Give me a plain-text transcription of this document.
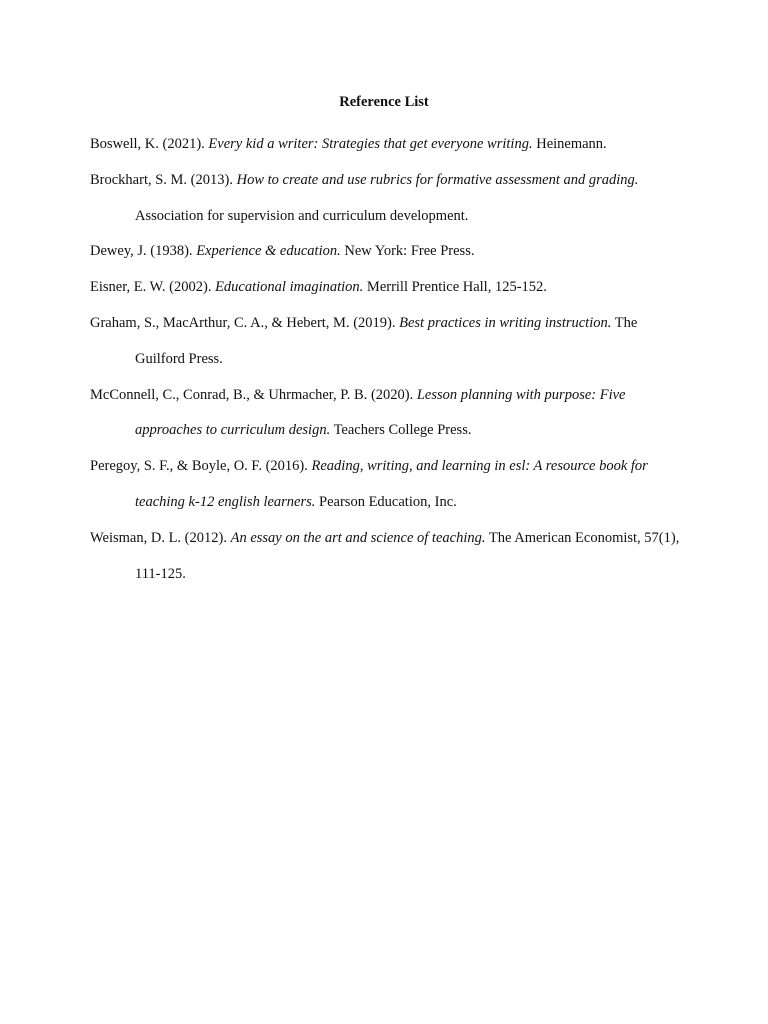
Reference List
Boswell, K. (2021). Every kid a writer: Strategies that get everyone writing. Heinemann.
Brockhart, S. M. (2013). How to create and use rubrics for formative assessment and grading. Association for supervision and curriculum development.
Dewey, J. (1938). Experience & education. New York: Free Press.
Eisner, E. W. (2002). Educational imagination. Merrill Prentice Hall, 125-152.
Graham, S., MacArthur, C. A., & Hebert, M. (2019). Best practices in writing instruction. The Guilford Press.
McConnell, C., Conrad, B., & Uhrmacher, P. B. (2020). Lesson planning with purpose: Five approaches to curriculum design. Teachers College Press.
Peregoy, S. F., & Boyle, O. F. (2016). Reading, writing, and learning in esl: A resource book for teaching k-12 english learners. Pearson Education, Inc.
Weisman, D. L. (2012). An essay on the art and science of teaching. The American Economist, 57(1), 111-125.
